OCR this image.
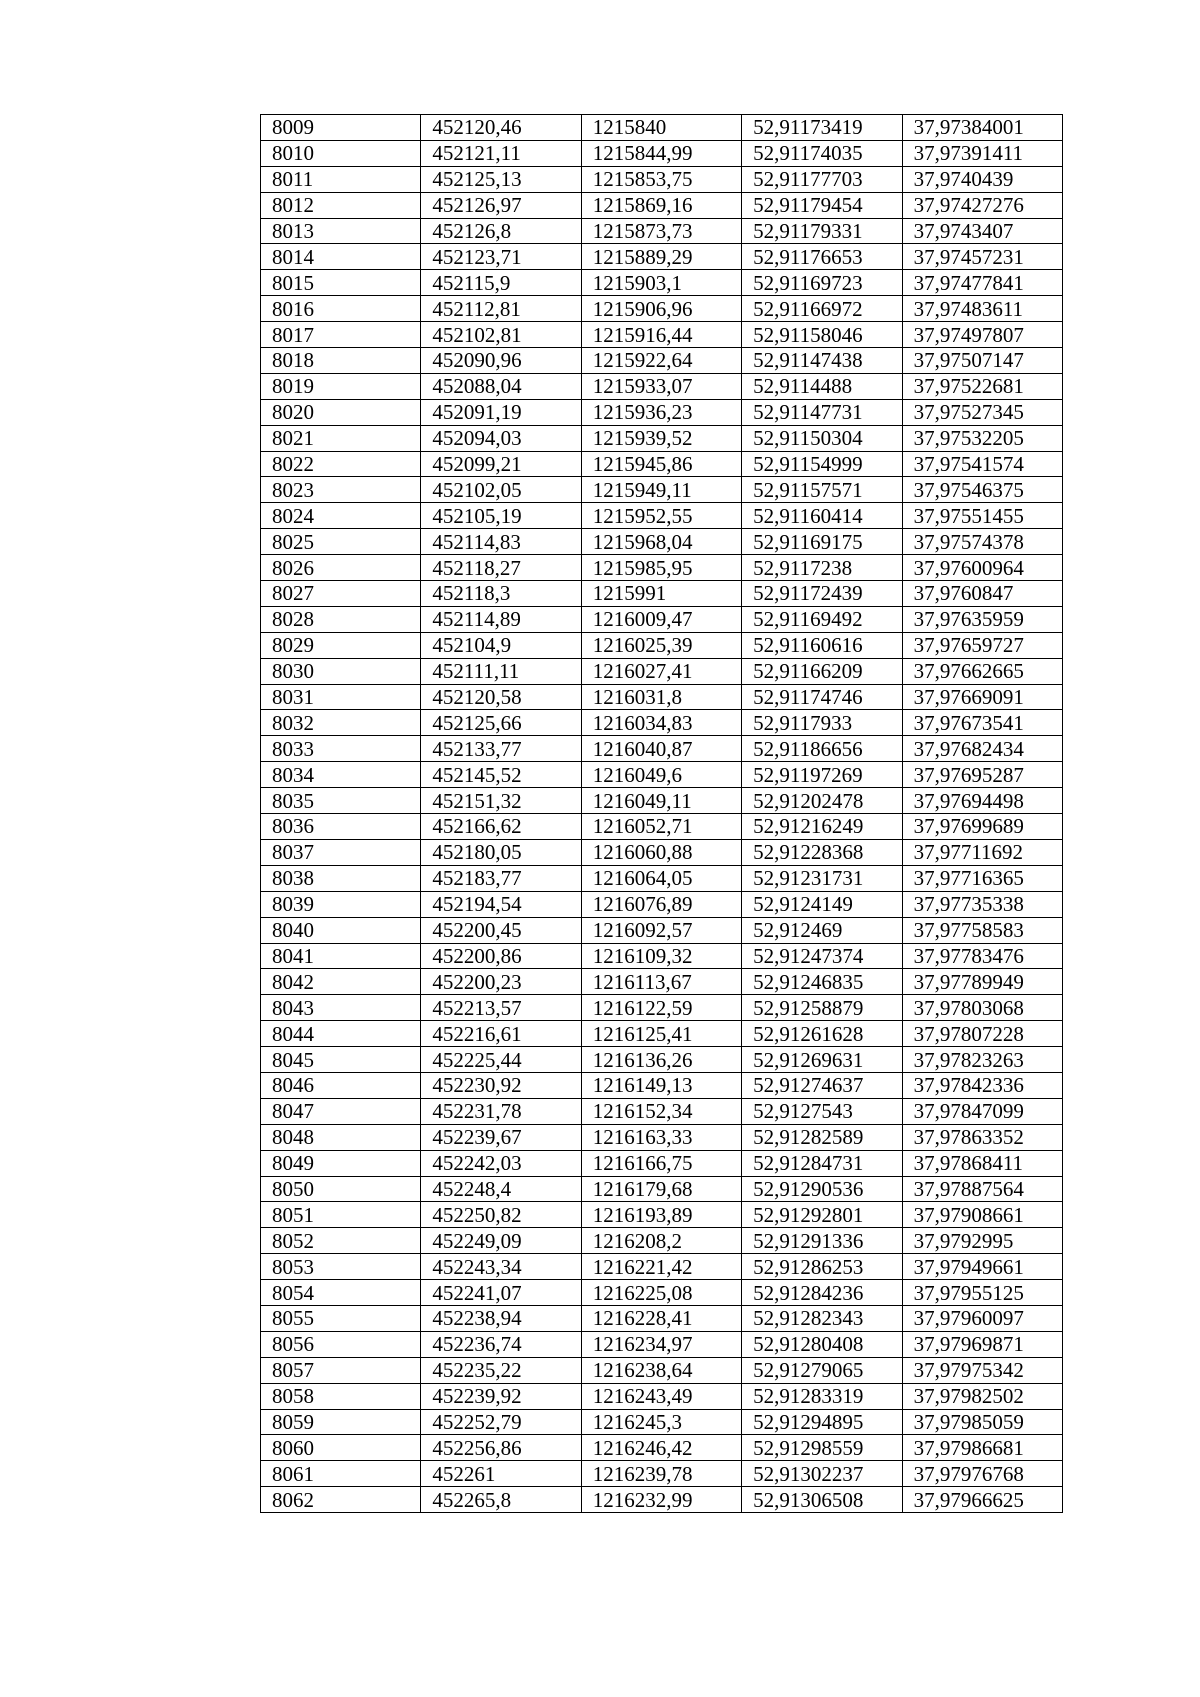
8009	452120,46	1215840	52,91173419	37,97384001
8010	452121,11	1215844,99	52,91174035	37,97391411
8011	452125,13	1215853,75	52,91177703	37,9740439
8012	452126,97	1215869,16	52,91179454	37,97427276
8013	452126,8	1215873,73	52,91179331	37,9743407
8014	452123,71	1215889,29	52,91176653	37,97457231
8015	452115,9	1215903,1	52,91169723	37,97477841
8016	452112,81	1215906,96	52,91166972	37,97483611
8017	452102,81	1215916,44	52,91158046	37,97497807
8018	452090,96	1215922,64	52,91147438	37,97507147
8019	452088,04	1215933,07	52,9114488	37,97522681
8020	452091,19	1215936,23	52,91147731	37,97527345
8021	452094,03	1215939,52	52,91150304	37,97532205
8022	452099,21	1215945,86	52,91154999	37,97541574
8023	452102,05	1215949,11	52,91157571	37,97546375
8024	452105,19	1215952,55	52,91160414	37,97551455
8025	452114,83	1215968,04	52,91169175	37,97574378
8026	452118,27	1215985,95	52,9117238	37,97600964
8027	452118,3	1215991	52,91172439	37,9760847
8028	452114,89	1216009,47	52,91169492	37,97635959
8029	452104,9	1216025,39	52,91160616	37,97659727
8030	452111,11	1216027,41	52,91166209	37,97662665
8031	452120,58	1216031,8	52,91174746	37,97669091
8032	452125,66	1216034,83	52,9117933	37,97673541
8033	452133,77	1216040,87	52,91186656	37,97682434
8034	452145,52	1216049,6	52,91197269	37,97695287
8035	452151,32	1216049,11	52,91202478	37,97694498
8036	452166,62	1216052,71	52,91216249	37,97699689
8037	452180,05	1216060,88	52,91228368	37,97711692
8038	452183,77	1216064,05	52,91231731	37,97716365
8039	452194,54	1216076,89	52,9124149	37,97735338
8040	452200,45	1216092,57	52,912469	37,97758583
8041	452200,86	1216109,32	52,91247374	37,97783476
8042	452200,23	1216113,67	52,91246835	37,97789949
8043	452213,57	1216122,59	52,91258879	37,97803068
8044	452216,61	1216125,41	52,91261628	37,97807228
8045	452225,44	1216136,26	52,91269631	37,97823263
8046	452230,92	1216149,13	52,91274637	37,97842336
8047	452231,78	1216152,34	52,9127543	37,97847099
8048	452239,67	1216163,33	52,91282589	37,97863352
8049	452242,03	1216166,75	52,91284731	37,97868411
8050	452248,4	1216179,68	52,91290536	37,97887564
8051	452250,82	1216193,89	52,91292801	37,97908661
8052	452249,09	1216208,2	52,91291336	37,9792995
8053	452243,34	1216221,42	52,91286253	37,97949661
8054	452241,07	1216225,08	52,91284236	37,97955125
8055	452238,94	1216228,41	52,91282343	37,97960097
8056	452236,74	1216234,97	52,91280408	37,97969871
8057	452235,22	1216238,64	52,91279065	37,97975342
8058	452239,92	1216243,49	52,91283319	37,97982502
8059	452252,79	1216245,3	52,91294895	37,97985059
8060	452256,86	1216246,42	52,91298559	37,97986681
8061	452261	1216239,78	52,91302237	37,97976768
8062	452265,8	1216232,99	52,91306508	37,97966625
